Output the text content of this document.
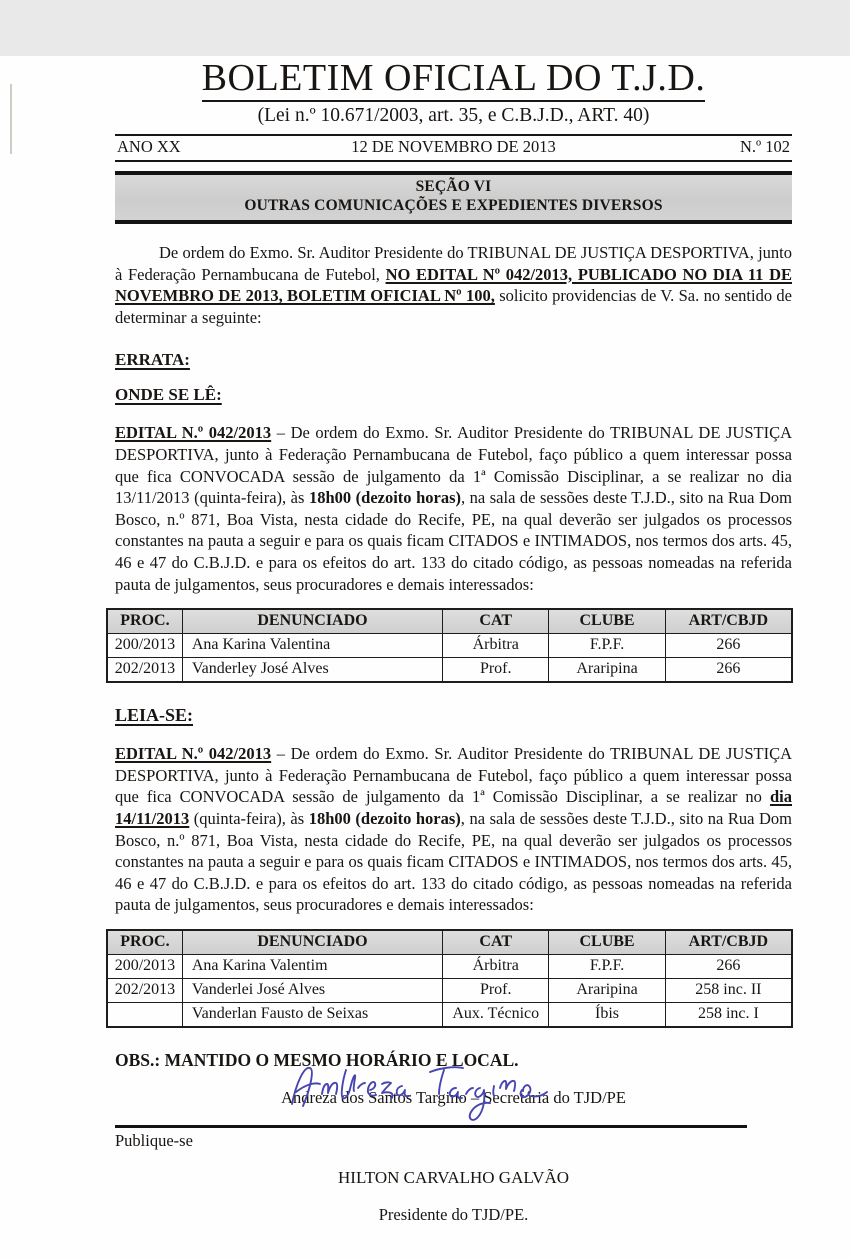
BOLETIM OFICIAL DO T.J.D.
(Lei n.º 10.671/2003, art. 35, e C.B.J.D., ART. 40)
ANO XX	12 DE NOVEMBRO DE 2013	N.º 102
SEÇÃO VI
OUTRAS COMUNICAÇÕES E EXPEDIENTES DIVERSOS

De ordem do Exmo. Sr. Auditor Presidente do TRIBUNAL DE JUSTIÇA DESPORTIVA, junto à Federação Pernambucana de Futebol, NO EDITAL Nº 042/2013, PUBLICADO NO DIA 11 DE NOVEMBRO DE 2013, BOLETIM OFICIAL Nº 100, solicito providencias de V. Sa. no sentido de determinar a seguinte:

ERRATA:

ONDE SE LÊ:

EDITAL N.º 042/2013 – De ordem do Exmo. Sr. Auditor Presidente do TRIBUNAL DE JUSTIÇA DESPORTIVA, junto à Federação Pernambucana de Futebol, faço público a quem interessar possa que fica CONVOCADA sessão de julgamento da 1ª Comissão Disciplinar, a se realizar no dia 13/11/2013 (quinta-feira), às 18h00 (dezoito horas), na sala de sessões deste T.J.D., sito na Rua Dom Bosco, n.º 871, Boa Vista, nesta cidade do Recife, PE, na qual deverão ser julgados os processos constantes na pauta a seguir e para os quais ficam CITADOS e INTIMADOS, nos termos dos arts. 45, 46 e 47 do C.B.J.D. e para os efeitos do art. 133 do citado código, as pessoas nomeadas na referida pauta de julgamentos, seus procuradores e demais interessados:

PROC.	DENUNCIADO	CAT	CLUBE	ART/CBJD
200/2013	Ana Karina Valentina	Árbitra	F.P.F.	266
202/2013	Vanderley José Alves	Prof.	Araripina	266

LEIA-SE:

EDITAL N.º 042/2013 – De ordem do Exmo. Sr. Auditor Presidente do TRIBUNAL DE JUSTIÇA DESPORTIVA, junto à Federação Pernambucana de Futebol, faço público a quem interessar possa que fica CONVOCADA sessão de julgamento da 1ª Comissão Disciplinar, a se realizar no dia 14/11/2013 (quinta-feira), às 18h00 (dezoito horas), na sala de sessões deste T.J.D., sito na Rua Dom Bosco, n.º 871, Boa Vista, nesta cidade do Recife, PE, na qual deverão ser julgados os processos constantes na pauta a seguir e para os quais ficam CITADOS e INTIMADOS, nos termos dos arts. 45, 46 e 47 do C.B.J.D. e para os efeitos do art. 133 do citado código, as pessoas nomeadas na referida pauta de julgamentos, seus procuradores e demais interessados:

PROC.	DENUNCIADO	CAT	CLUBE	ART/CBJD
200/2013	Ana Karina Valentim	Árbitra	F.P.F.	266
202/2013	Vanderlei José Alves	Prof.	Araripina	258 inc. II
	Vanderlan Fausto de Seixas	Aux. Técnico	Íbis	258 inc. I

OBS.: MANTIDO O MESMO HORÁRIO E LOCAL.

Andreza dos Santos Targino – Secretária do TJD/PE

Publique-se

HILTON CARVALHO GALVÃO

Presidente do TJD/PE.
